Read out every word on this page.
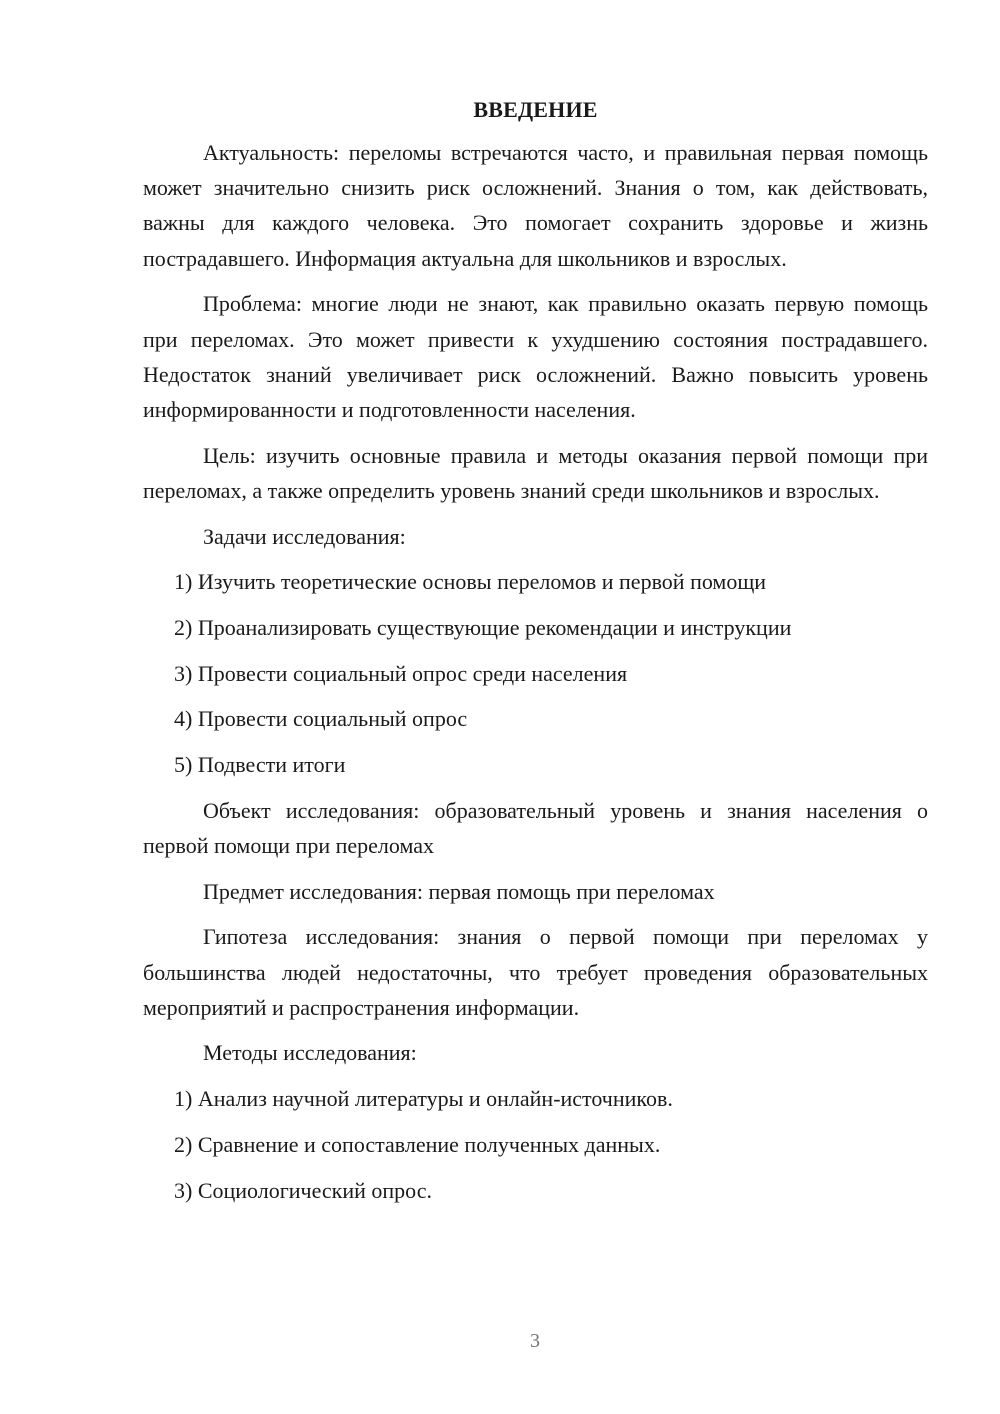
ВВЕДЕНИЕ

Актуальность: переломы встречаются часто, и правильная первая помощь может значительно снизить риск осложнений. Знания о том, как действовать, важны для каждого человека. Это помогает сохранить здоровье и жизнь пострадавшего. Информация актуальна для школьников и взрослых.

Проблема: многие люди не знают, как правильно оказать первую помощь при переломах. Это может привести к ухудшению состояния пострадавшего. Недостаток знаний увеличивает риск осложнений. Важно повысить уровень информированности и подготовленности населения.

Цель: изучить основные правила и методы оказания первой помощи при переломах, а также определить уровень знаний среди школьников и взрослых.

Задачи исследования:

1) Изучить теоретические основы переломов и первой помощи
2) Проанализировать существующие рекомендации и инструкции
3) Провести социальный опрос среди населения
4) Провести социальный опрос
5) Подвести итоги

Объект исследования: образовательный уровень и знания населения о первой помощи при переломах

Предмет исследования: первая помощь при переломах

Гипотеза исследования: знания о первой помощи при переломах у большинства людей недостаточны, что требует проведения образовательных мероприятий и распространения информации.

Методы исследования:

1) Анализ научной литературы и онлайн-источников.
2) Сравнение и сопоставление полученных данных.
3) Социологический опрос.
3
